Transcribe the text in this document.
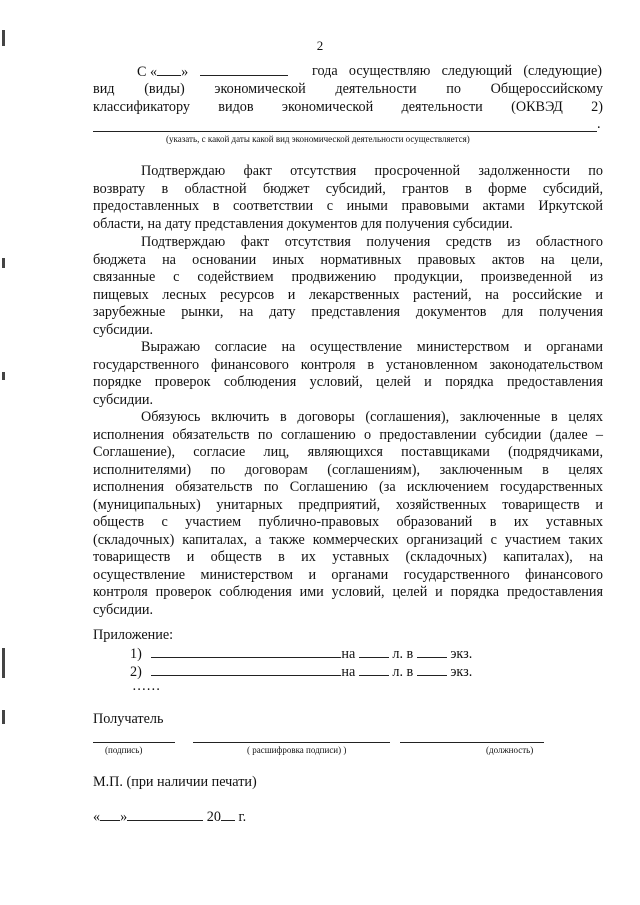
2
С « »	года осуществляю следующий (следующие)
вид (виды) экономической деятельности по Общероссийскому
классификатору видов экономической деятельности (ОКВЭД 2)
.
(указать, с какой даты какой вид экономической деятельности осуществляется)
Подтверждаю факт отсутствия просроченной задолженности по
возврату в областной бюджет субсидий, грантов в форме субсидий,
предоставленных в соответствии с иными правовыми актами Иркутской
области, на дату представления документов для получения субсидии.
Подтверждаю факт отсутствия получения средств из областного
бюджета на основании иных нормативных правовых актов на цели,
связанные с содействием продвижению продукции, произведенной из
пищевых лесных ресурсов и лекарственных растений, на российские и
зарубежные рынки, на дату представления документов для получения
субсидии.
Выражаю согласие на осуществление министерством и органами
государственного финансового контроля в установленном законодательством
порядке проверок соблюдения условий, целей и порядка предоставления
субсидии.
Обязуюсь включить в договоры (соглашения), заключенные в целях
исполнения обязательств по соглашению о предоставлении субсидии (далее –
Соглашение), согласие лиц, являющихся поставщиками (подрядчиками,
исполнителями) по договорам (соглашениям), заключенным в целях
исполнения обязательств по Соглашению (за исключением государственных
(муниципальных) унитарных предприятий, хозяйственных товариществ и
обществ с участием публично-правовых образований в их уставных
(складочных) капиталах, а также коммерческих организаций с участием таких
товариществ и обществ в их уставных (складочных) капиталах), на
осуществление министерством и органами государственного финансового
контроля проверок соблюдения ими условий, целей и порядка предоставления
субсидии.
Приложение:
1)	на	л. в	экз.
2)	на	л. в	экз.
……
Получатель
(подпись)	( расшифровка подписи) )	(должность)
М.П. (при наличии печати)
« »	20 г.
